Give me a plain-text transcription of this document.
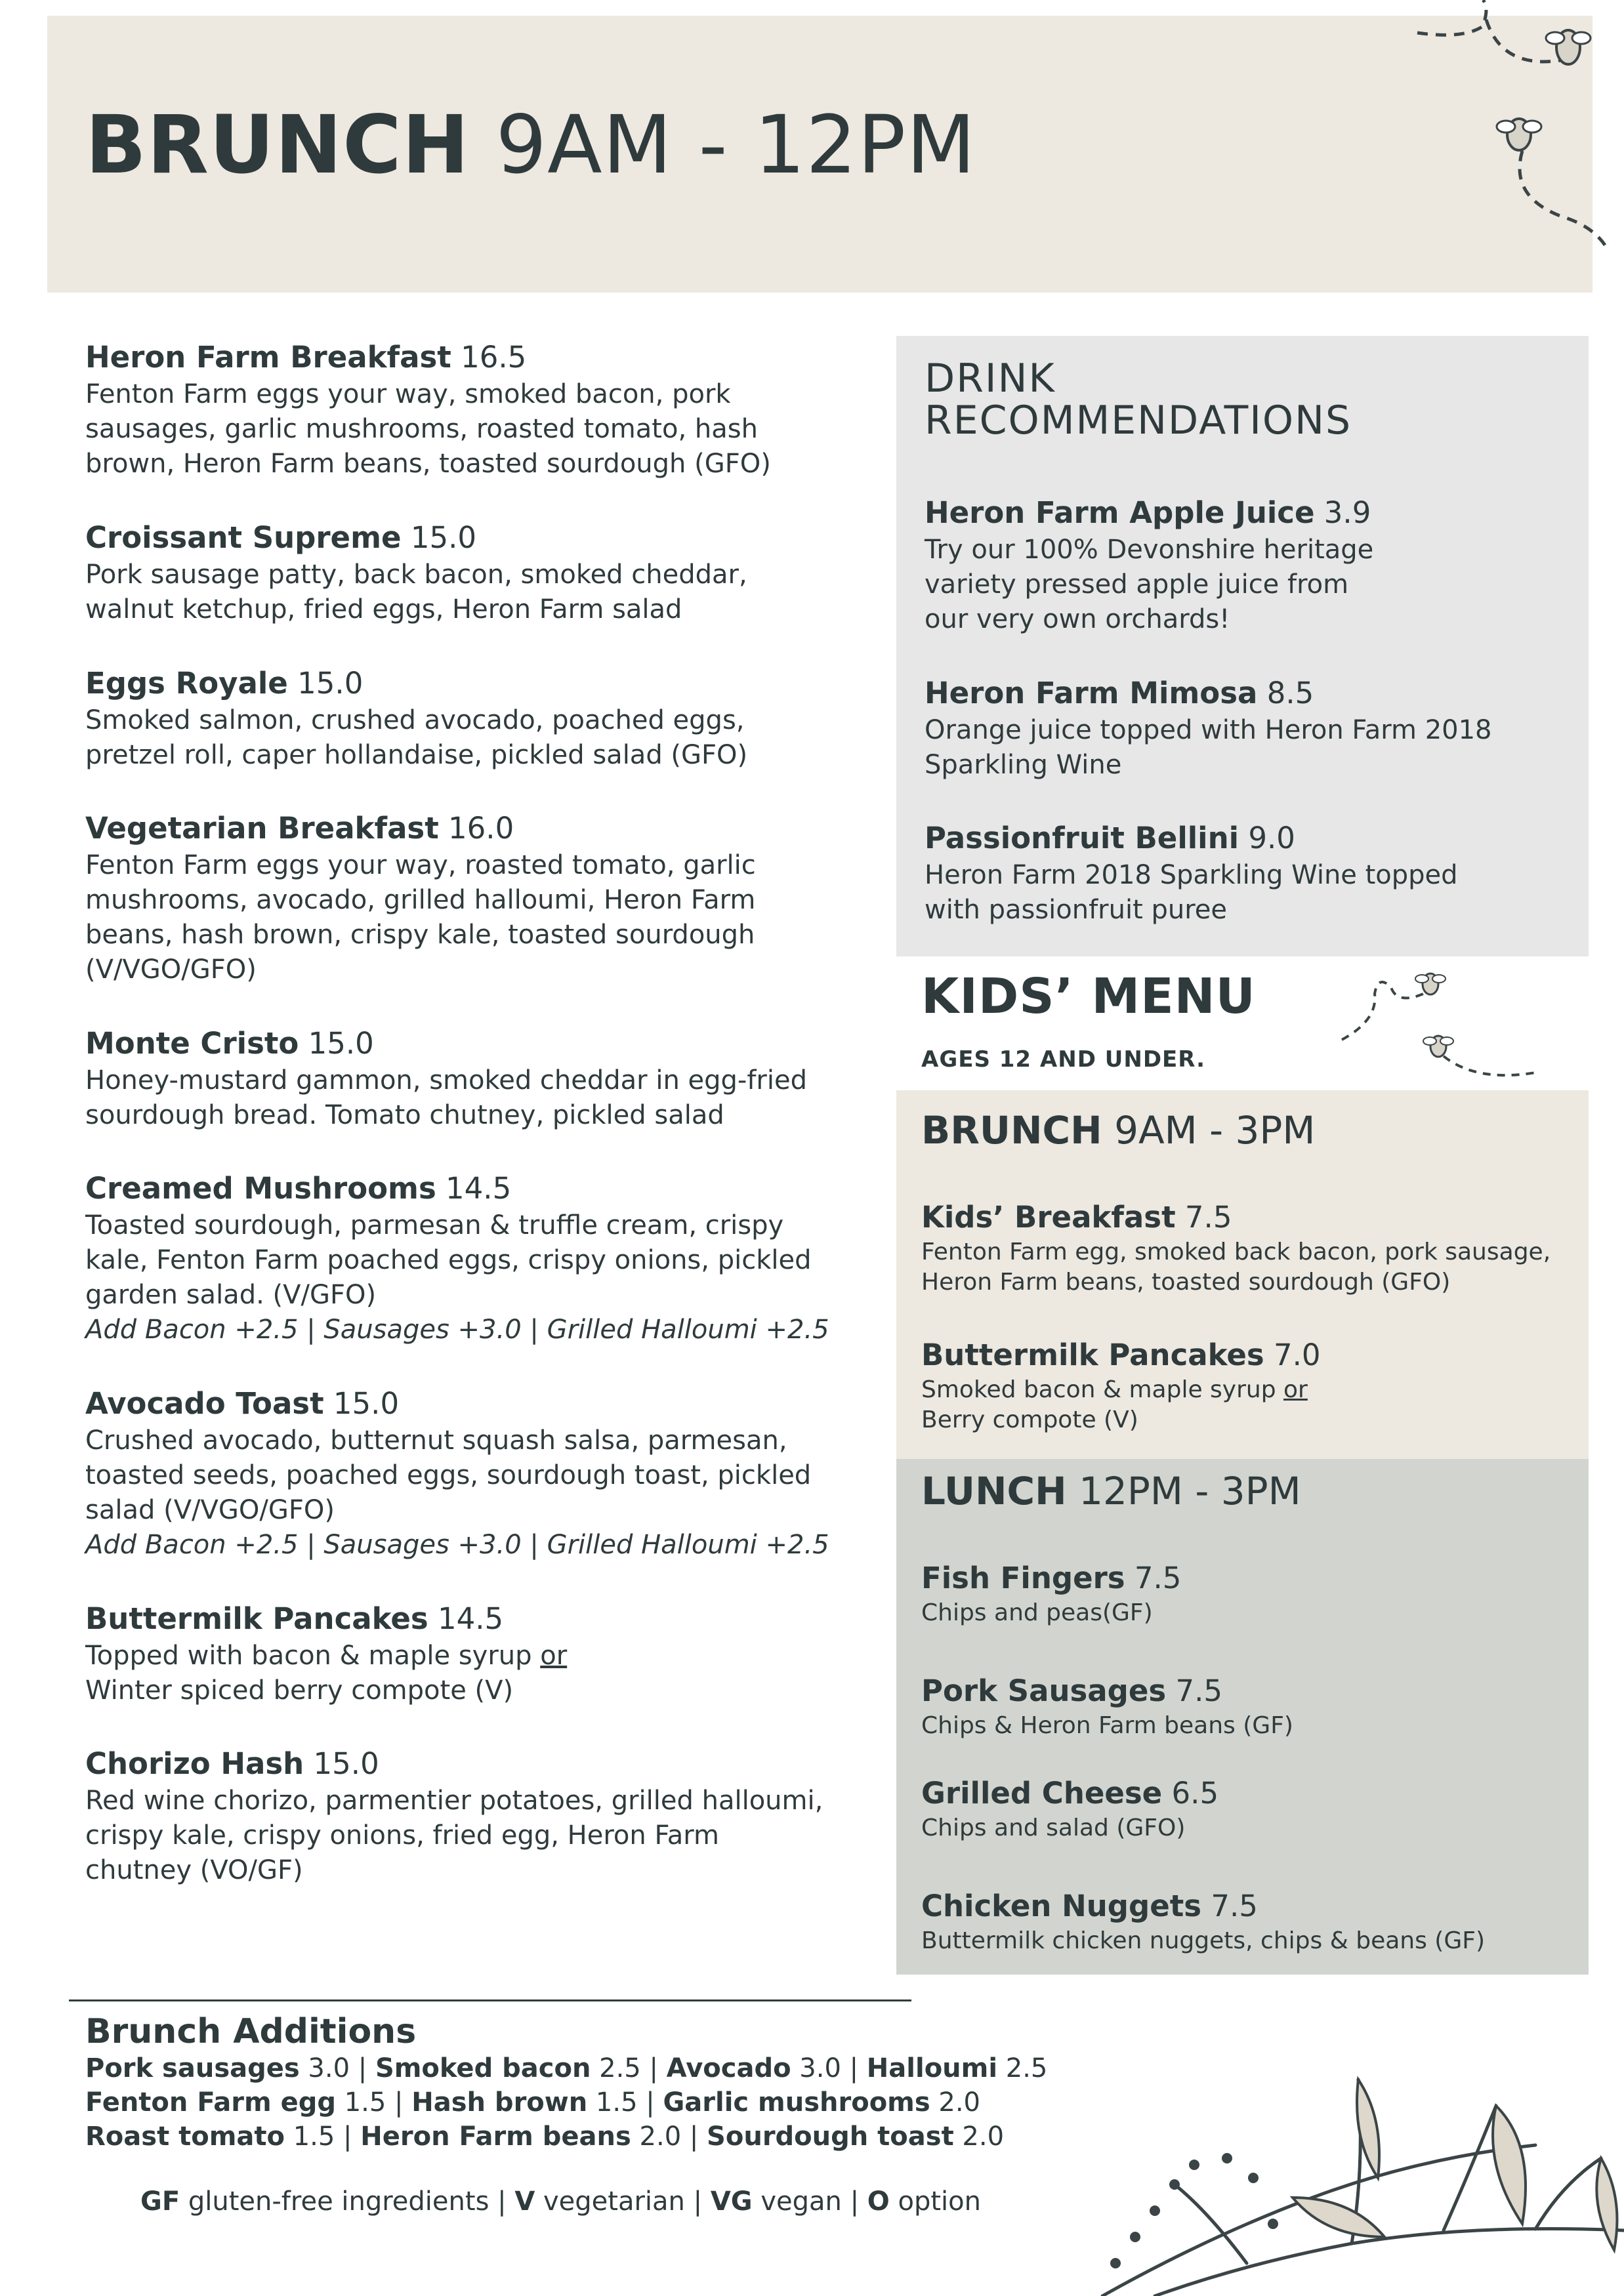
BRUNCH 9AM - 12PM
Heron Farm Breakfast 16.5
Fenton Farm eggs your way, smoked bacon, pork
sausages, garlic mushrooms, roasted tomato, hash
brown, Heron Farm beans, toasted sourdough (GFO)
Croissant Supreme 15.0
Pork sausage patty, back bacon, smoked cheddar,
walnut ketchup, fried eggs, Heron Farm salad
Eggs Royale 15.0
Smoked salmon, crushed avocado, poached eggs,
pretzel roll, caper hollandaise, pickled salad (GFO)
Vegetarian Breakfast 16.0
Fenton Farm eggs your way, roasted tomato, garlic
mushrooms, avocado, grilled halloumi, Heron Farm
beans, hash brown, crispy kale, toasted sourdough
(V/VGO/GFO)
Monte Cristo 15.0
Honey-mustard gammon, smoked cheddar in egg-fried
sourdough bread. Tomato chutney, pickled salad
Creamed Mushrooms 14.5
Toasted sourdough, parmesan & truffle cream, crispy
kale, Fenton Farm poached eggs, crispy onions, pickled
garden salad. (V/GFO)
Add Bacon +2.5 | Sausages +3.0 | Grilled Halloumi +2.5
Avocado Toast 15.0
Crushed avocado, butternut squash salsa, parmesan,
toasted seeds, poached eggs, sourdough toast, pickled
salad (V/VGO/GFO)
Add Bacon +2.5 | Sausages +3.0 | Grilled Halloumi +2.5
Buttermilk Pancakes 14.5
Topped with bacon & maple syrup or
Winter spiced berry compote (V)
Chorizo Hash 15.0
Red wine chorizo, parmentier potatoes, grilled halloumi,
crispy kale, crispy onions, fried egg, Heron Farm
chutney (VO/GF)
DRINK
RECOMMENDATIONS
Heron Farm Apple Juice 3.9
Try our 100% Devonshire heritage
variety pressed apple juice from
our very own orchards!
Heron Farm Mimosa 8.5
Orange juice topped with Heron Farm 2018
Sparkling Wine
Passionfruit Bellini 9.0
Heron Farm 2018 Sparkling Wine topped
with passionfruit puree
KIDS’ MENU
AGES 12 AND UNDER.
BRUNCH 9AM - 3PM
Kids’ Breakfast 7.5
Fenton Farm egg, smoked back bacon, pork sausage,
Heron Farm beans, toasted sourdough (GFO)
Buttermilk Pancakes 7.0
Smoked bacon & maple syrup or
Berry compote (V)
LUNCH 12PM - 3PM
Fish Fingers 7.5
Chips and peas(GF)
Pork Sausages 7.5
Chips & Heron Farm beans (GF)
Grilled Cheese 6.5
Chips and salad (GFO)
Chicken Nuggets 7.5
Buttermilk chicken nuggets, chips & beans (GF)
Brunch Additions
Pork sausages 3.0 | Smoked bacon 2.5 | Avocado 3.0 | Halloumi 2.5
Fenton Farm egg 1.5 | Hash brown 1.5 | Garlic mushrooms 2.0
Roast tomato 1.5 | Heron Farm beans 2.0 | Sourdough toast 2.0
GF gluten-free ingredients | V vegetarian | VG vegan | O option
